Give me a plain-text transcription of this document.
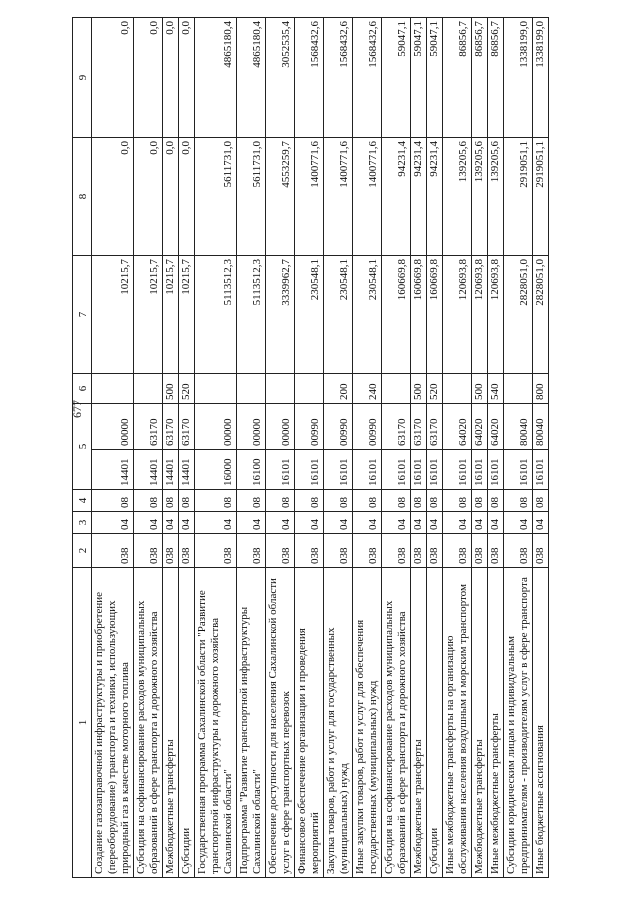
677
1	2	3	4	5		6	7	8	9
Создание газозаправочной инфраструктуры и приобретение (переоборудование) транспорта и техники, использующих природный газ в качестве моторного топлива	038	04	08	14401	00000		10215,7	0,0	0,0
Субсидия на софинансирование расходов муниципальных образований в сфере транспорта и дорожного хозяйства	038	04	08	14401	63170		10215,7	0,0	0,0
Межбюджетные трансферты	038	04	08	14401	63170	500	10215,7	0,0	0,0
Субсидии	038	04	08	14401	63170	520	10215,7	0,0	0,0
Государственная программа Сахалинской области "Развитие транспортной инфраструктуры и дорожного хозяйства Сахалинской области"	038	04	08	16000	00000		5113512,3	5611731,0	4865180,4
Подпрограмма "Развитие транспортной инфраструктуры Сахалинской области"	038	04	08	16100	00000		5113512,3	5611731,0	4865180,4
Обеспечение доступности для населения Сахалинской области услуг в сфере транспортных перевозок	038	04	08	16101	00000		3339962,7	4553259,7	3052535,4
Финансовое обеспечение организации и проведения мероприятий	038	04	08	16101	00990		230548,1	1400771,6	1568432,6
Закупка товаров, работ и услуг для государственных (муниципальных) нужд	038	04	08	16101	00990	200	230548,1	1400771,6	1568432,6
Иные закупки товаров, работ и услуг для обеспечения государственных (муниципальных) нужд	038	04	08	16101	00990	240	230548,1	1400771,6	1568432,6
Субсидия на софинансирование расходов муниципальных образований в сфере транспорта и дорожного хозяйства	038	04	08	16101	63170		160669,8	94231,4	59047,1
Межбюджетные трансферты	038	04	08	16101	63170	500	160669,8	94231,4	59047,1
Субсидии	038	04	08	16101	63170	520	160669,8	94231,4	59047,1
Иные межбюджетные трансферты на организацию обслуживания населения воздушным и морским транспортом	038	04	08	16101	64020		120693,8	139205,6	86856,7
Межбюджетные трансферты	038	04	08	16101	64020	500	120693,8	139205,6	86856,7
Иные межбюджетные трансферты	038	04	08	16101	64020	540	120693,8	139205,6	86856,7
Субсидии юридическим лицам и индивидуальным предпринимателям - производителям услуг в сфере транспорта	038	04	08	16101	80040		2828051,0	2919051,1	1338199,0
Иные бюджетные ассигнования	038	04	08	16101	80040	800	2828051,0	2919051,1	1338199,0
